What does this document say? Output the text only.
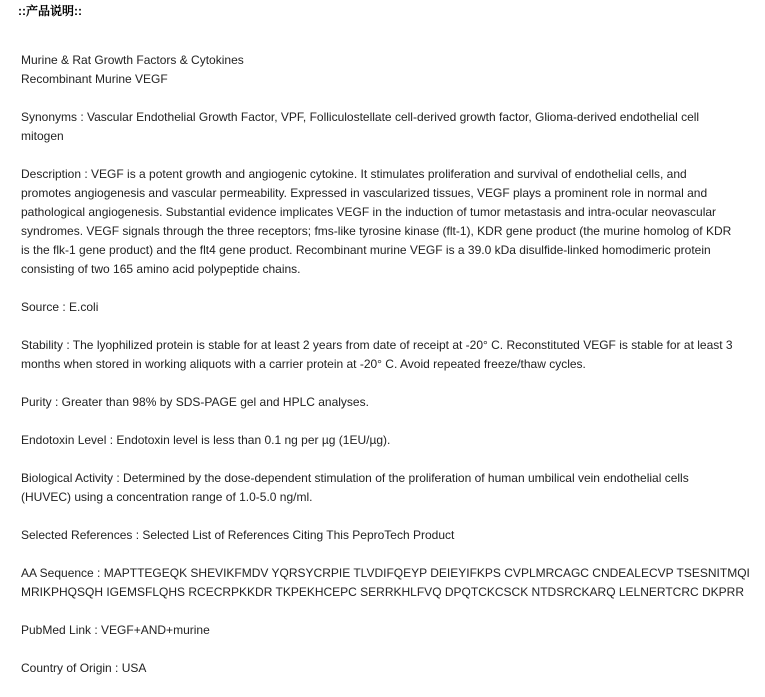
::产品说明::
Murine & Rat Growth Factors & Cytokines
Recombinant Murine VEGF
Synonyms : Vascular Endothelial Growth Factor, VPF, Folliculostellate cell-derived growth factor, Glioma-derived endothelial cell
mitogen
Description : VEGF is a potent growth and angiogenic cytokine. It stimulates proliferation and survival of endothelial cells, and
promotes angiogenesis and vascular permeability. Expressed in vascularized tissues, VEGF plays a prominent role in normal and
pathological angiogenesis. Substantial evidence implicates VEGF in the induction of tumor metastasis and intra-ocular neovascular
syndromes. VEGF signals through the three receptors; fms-like tyrosine kinase (flt-1), KDR gene product (the murine homolog of KDR
is the flk-1 gene product) and the flt4 gene product. Recombinant murine VEGF is a 39.0 kDa disulfide-linked homodimeric protein
consisting of two 165 amino acid polypeptide chains.
Source : E.coli
Stability : The lyophilized protein is stable for at least 2 years from date of receipt at -20° C. Reconstituted VEGF is stable for at least 3
months when stored in working aliquots with a carrier protein at -20° C. Avoid repeated freeze/thaw cycles.
Purity : Greater than 98% by SDS-PAGE gel and HPLC analyses.
Endotoxin Level : Endotoxin level is less than 0.1 ng per µg (1EU/µg).
Biological Activity : Determined by the dose-dependent stimulation of the proliferation of human umbilical vein endothelial cells
(HUVEC) using a concentration range of 1.0-5.0 ng/ml.
Selected References : Selected List of References Citing This PeproTech Product
AA Sequence : MAPTTEGEQK SHEVIKFMDV YQRSYCRPIE TLVDIFQEYP DEIEYIFKPS CVPLMRCAGC CNDEALECVP TSESNITMQI
MRIKPHQSQH IGEMSFLQHS RCECRPKKDR TKPEKHCEPC SERRKHLFVQ DPQTCKCSCK NTDSRCKARQ LELNERTCRC DKPRR
PubMed Link : VEGF+AND+murine
Country of Origin : USA
